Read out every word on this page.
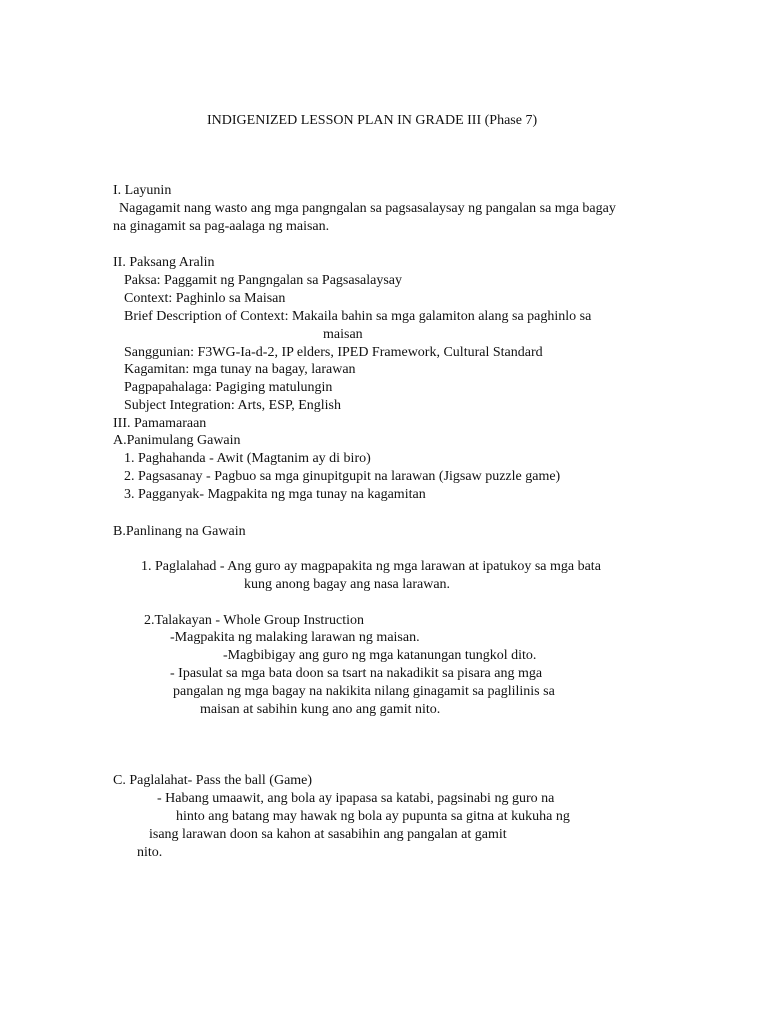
INDIGENIZED LESSON PLAN IN GRADE III (Phase 7)
I. Layunin
Nagagamit nang wasto ang mga pangngalan sa pagsasalaysay ng pangalan sa mga bagay
na ginagamit sa pag-aalaga ng maisan.
II. Paksang Aralin
Paksa: Paggamit ng Pangngalan sa Pagsasalaysay
Context: Paghinlo sa Maisan
Brief Description of Context: Makaila bahin sa mga galamiton alang sa paghinlo sa
maisan
Sanggunian: F3WG-Ia-d-2, IP elders, IPED Framework, Cultural Standard
Kagamitan: mga tunay na bagay, larawan
Pagpapahalaga: Pagiging matulungin
Subject Integration: Arts, ESP, English
III. Pamamaraan
A.Panimulang Gawain
1. Paghahanda - Awit (Magtanim ay di biro)
2. Pagsasanay - Pagbuo sa mga ginupitgupit na larawan (Jigsaw puzzle game)
3. Pagganyak- Magpakita ng mga tunay na kagamitan
B.Panlinang na Gawain
1. Paglalahad - Ang guro ay magpapakita ng mga larawan at ipatukoy sa mga bata
kung anong bagay ang nasa larawan.
2.Talakayan - Whole Group Instruction
-Magpakita ng malaking larawan ng maisan.
-Magbibigay ang guro ng mga katanungan tungkol dito.
- Ipasulat sa mga bata doon sa tsart na nakadikit sa pisara ang mga
pangalan ng mga bagay na nakikita nilang ginagamit sa paglilinis sa
maisan at sabihin kung ano ang gamit nito.
C. Paglalahat- Pass the ball (Game)
- Habang umaawit, ang bola ay ipapasa sa katabi, pagsinabi ng guro na
hinto ang batang may hawak ng bola ay pupunta sa gitna at kukuha ng
isang larawan doon sa kahon at sasabihin ang pangalan at gamit
nito.
